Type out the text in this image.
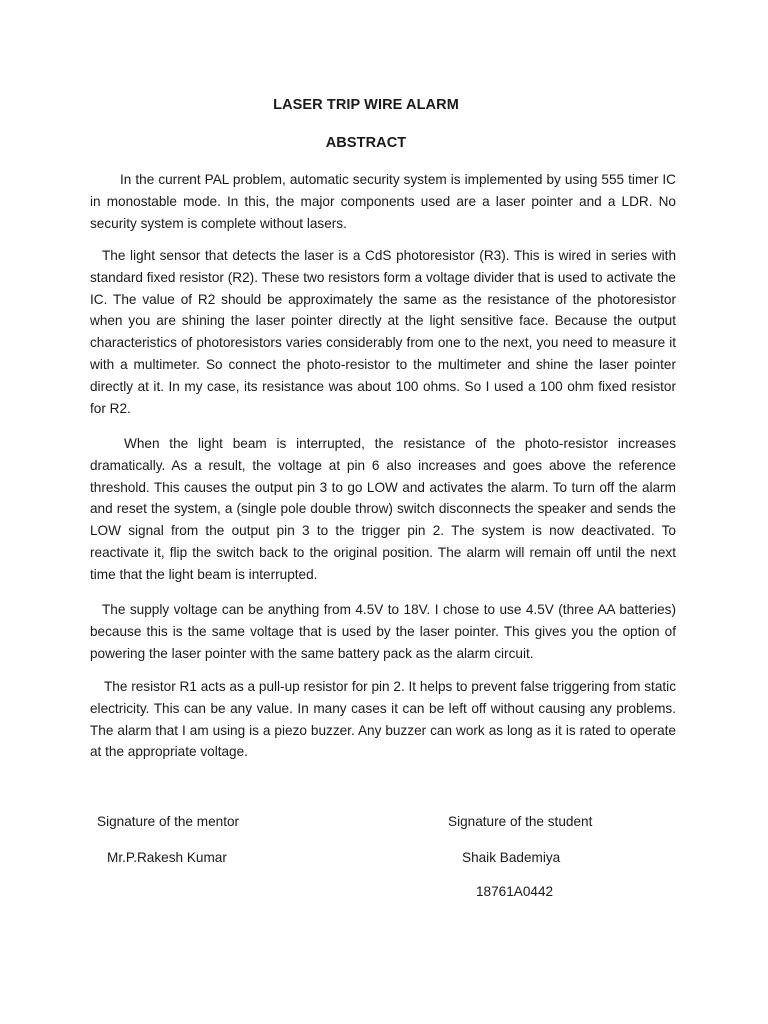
LASER TRIP WIRE ALARM
ABSTRACT

In the current PAL problem, automatic security system is implemented by using 555 timer IC in monostable mode. In this, the major components used are a laser pointer and a LDR. No security system is complete without lasers.

The light sensor that detects the laser is a CdS photoresistor (R3). This is wired in series with standard fixed resistor (R2). These two resistors form a voltage divider that is used to activate the IC. The value of R2 should be approximately the same as the resistance of the photoresistor when you are shining the laser pointer directly at the light sensitive face. Because the output characteristics of photoresistors varies considerably from one to the next, you need to measure it with a multimeter. So connect the photo-resistor to the multimeter and shine the laser pointer directly at it. In my case, its resistance was about 100 ohms. So I used a 100 ohm fixed resistor for R2.

When the light beam is interrupted, the resistance of the photo-resistor increases dramatically. As a result, the voltage at pin 6 also increases and goes above the reference threshold. This causes the output pin 3 to go LOW and activates the alarm. To turn off the alarm and reset the system, a (single pole double throw) switch disconnects the speaker and sends the LOW signal from the output pin 3 to the trigger pin 2. The system is now deactivated. To reactivate it, flip the switch back to the original position. The alarm will remain off until the next time that the light beam is interrupted.

The supply voltage can be anything from 4.5V to 18V. I chose to use 4.5V (three AA batteries) because this is the same voltage that is used by the laser pointer. This gives you the option of powering the laser pointer with the same battery pack as the alarm circuit.

The resistor R1 acts as a pull-up resistor for pin 2. It helps to prevent false triggering from static electricity. This can be any value. In many cases it can be left off without causing any problems. The alarm that I am using is a piezo buzzer. Any buzzer can work as long as it is rated to operate at the appropriate voltage.

Signature of the mentor	Signature of the student
Mr.P.Rakesh Kumar	Shaik Bademiya
18761A0442
